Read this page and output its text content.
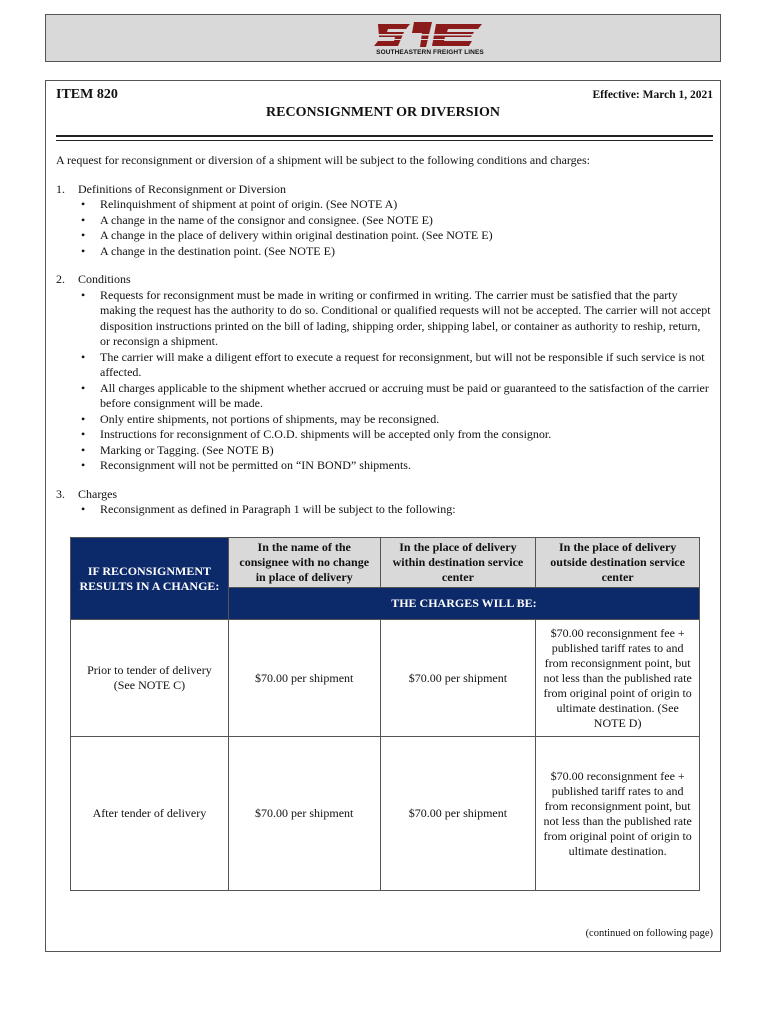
SOUTHEASTERN FREIGHT LINES
ITEM 820	Effective: March 1, 2021
RECONSIGNMENT OR DIVERSION

A request for reconsignment or diversion of a shipment will be subject to the following conditions and charges:

1.	Definitions of Reconsignment or Diversion
• Relinquishment of shipment at point of origin. (See NOTE A)
• A change in the name of the consignor and consignee. (See NOTE E)
• A change in the place of delivery within original destination point. (See NOTE E)
• A change in the destination point. (See NOTE E)
2.	Conditions
• Requests for reconsignment must be made in writing or confirmed in writing. The carrier must be satisfied that the party making the request has the authority to do so. Conditional or qualified requests will not be accepted. The carrier will not accept disposition instructions printed on the bill of lading, shipping order, shipping label, or container as authority to reship, return, or reconsign a shipment.
• The carrier will make a diligent effort to execute a request for reconsignment, but will not be responsible if such service is not affected.
• All charges applicable to the shipment whether accrued or accruing must be paid or guaranteed to the satisfaction of the carrier before consignment will be made.
• Only entire shipments, not portions of shipments, may be reconsigned.
• Instructions for reconsignment of C.O.D. shipments will be accepted only from the consignor.
• Marking or Tagging. (See NOTE B)
• Reconsignment will not be permitted on “IN BOND” shipments.
3.	Charges
• Reconsignment as defined in Paragraph 1 will be subject to the following:
IF RECONSIGNMENT RESULTS IN A CHANGE:	In the name of the consignee with no change in place of delivery	In the place of delivery within destination service center	In the place of delivery outside destination service center
	THE CHARGES WILL BE:		
Prior to tender of delivery (See NOTE C)	$70.00 per shipment	$70.00 per shipment	$70.00 reconsignment fee + published tariff rates to and from reconsignment point, but not less than the published rate from original point of origin to ultimate destination. (See NOTE D)
After tender of delivery	$70.00 per shipment	$70.00 per shipment	$70.00 reconsignment fee + published tariff rates to and from reconsignment point, but not less than the published rate from original point of origin to ultimate destination.
(continued on following page)
